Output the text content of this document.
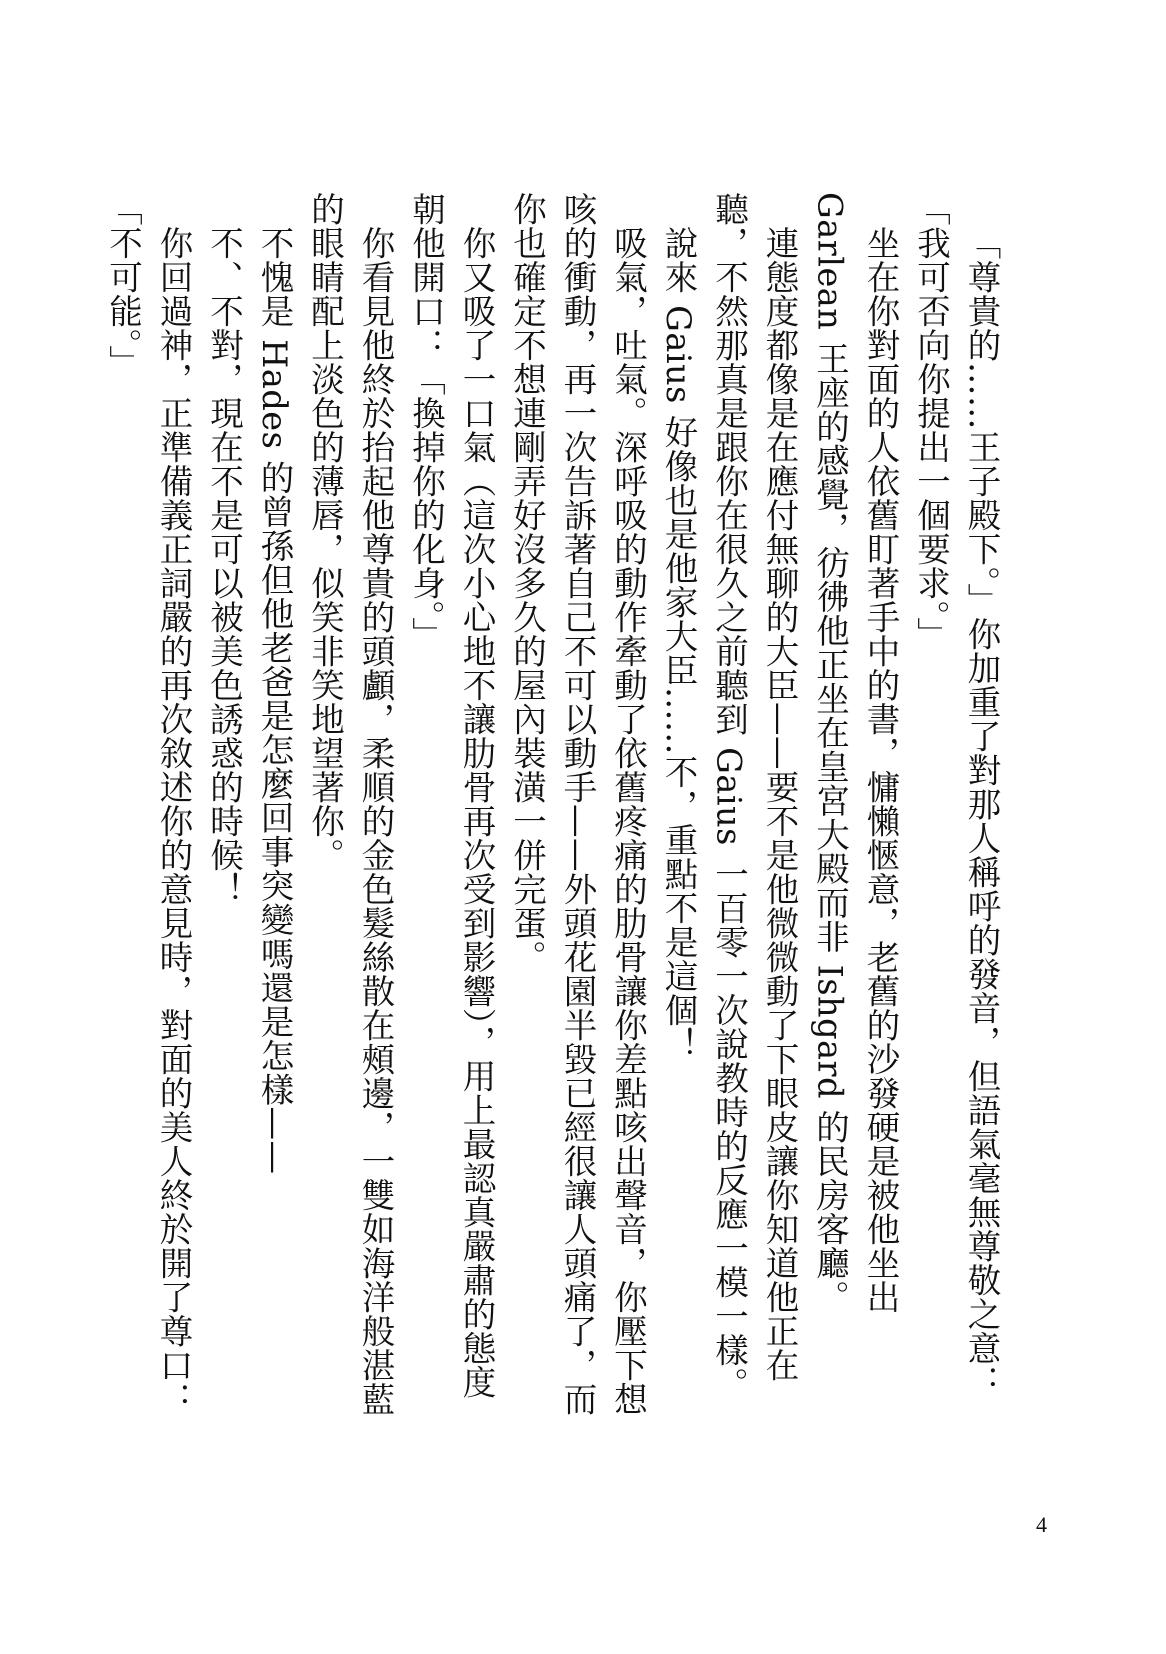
「尊貴的……王子殿下。」你加重了對那人稱呼的發音，但語氣毫無尊敬之意：「我可否向你提出一個要求。」

坐在你對面的人依舊盯著手中的書，慵懶愜意，老舊的沙發硬是被他坐出 Garlean 王座的感覺，彷彿他正坐在皇宮大殿而非 Ishgard 的民房客廳。

連態度都像是在應付無聊的大臣——要不是他微微動了下眼皮讓你知道他正在聽，不然那真是跟你在很久之前聽到 Gaius 一百零一次說教時的反應一模一樣。

說來 Gaius 好像也是他家大臣……不，重點不是這個！

吸氣，吐氣。深呼吸的動作牽動了依舊疼痛的肋骨讓你差點咳出聲音，你壓下想咳的衝動，再一次告訴著自己不可以動手——外頭花園半毀已經很讓人頭痛了，而你也確定不想連剛弄好沒多久的屋內裝潢一併完蛋。

你又吸了一口氣（這次小心地不讓肋骨再次受到影響），用上最認真嚴肅的態度朝他開口：「換掉你的化身。」

你看見他終於抬起他尊貴的頭顱，柔順的金色髮絲散在頰邊，一雙如海洋般湛藍的眼睛配上淡色的薄唇，似笑非笑地望著你。

不愧是 Hades 的曾孫但他老爸是怎麼回事突變嗎還是怎樣——

不、不對，現在不是可以被美色誘惑的時候！

你回過神，正準備義正詞嚴的再次敘述你的意見時，對面的美人終於開了尊口：「不可能。」

4
